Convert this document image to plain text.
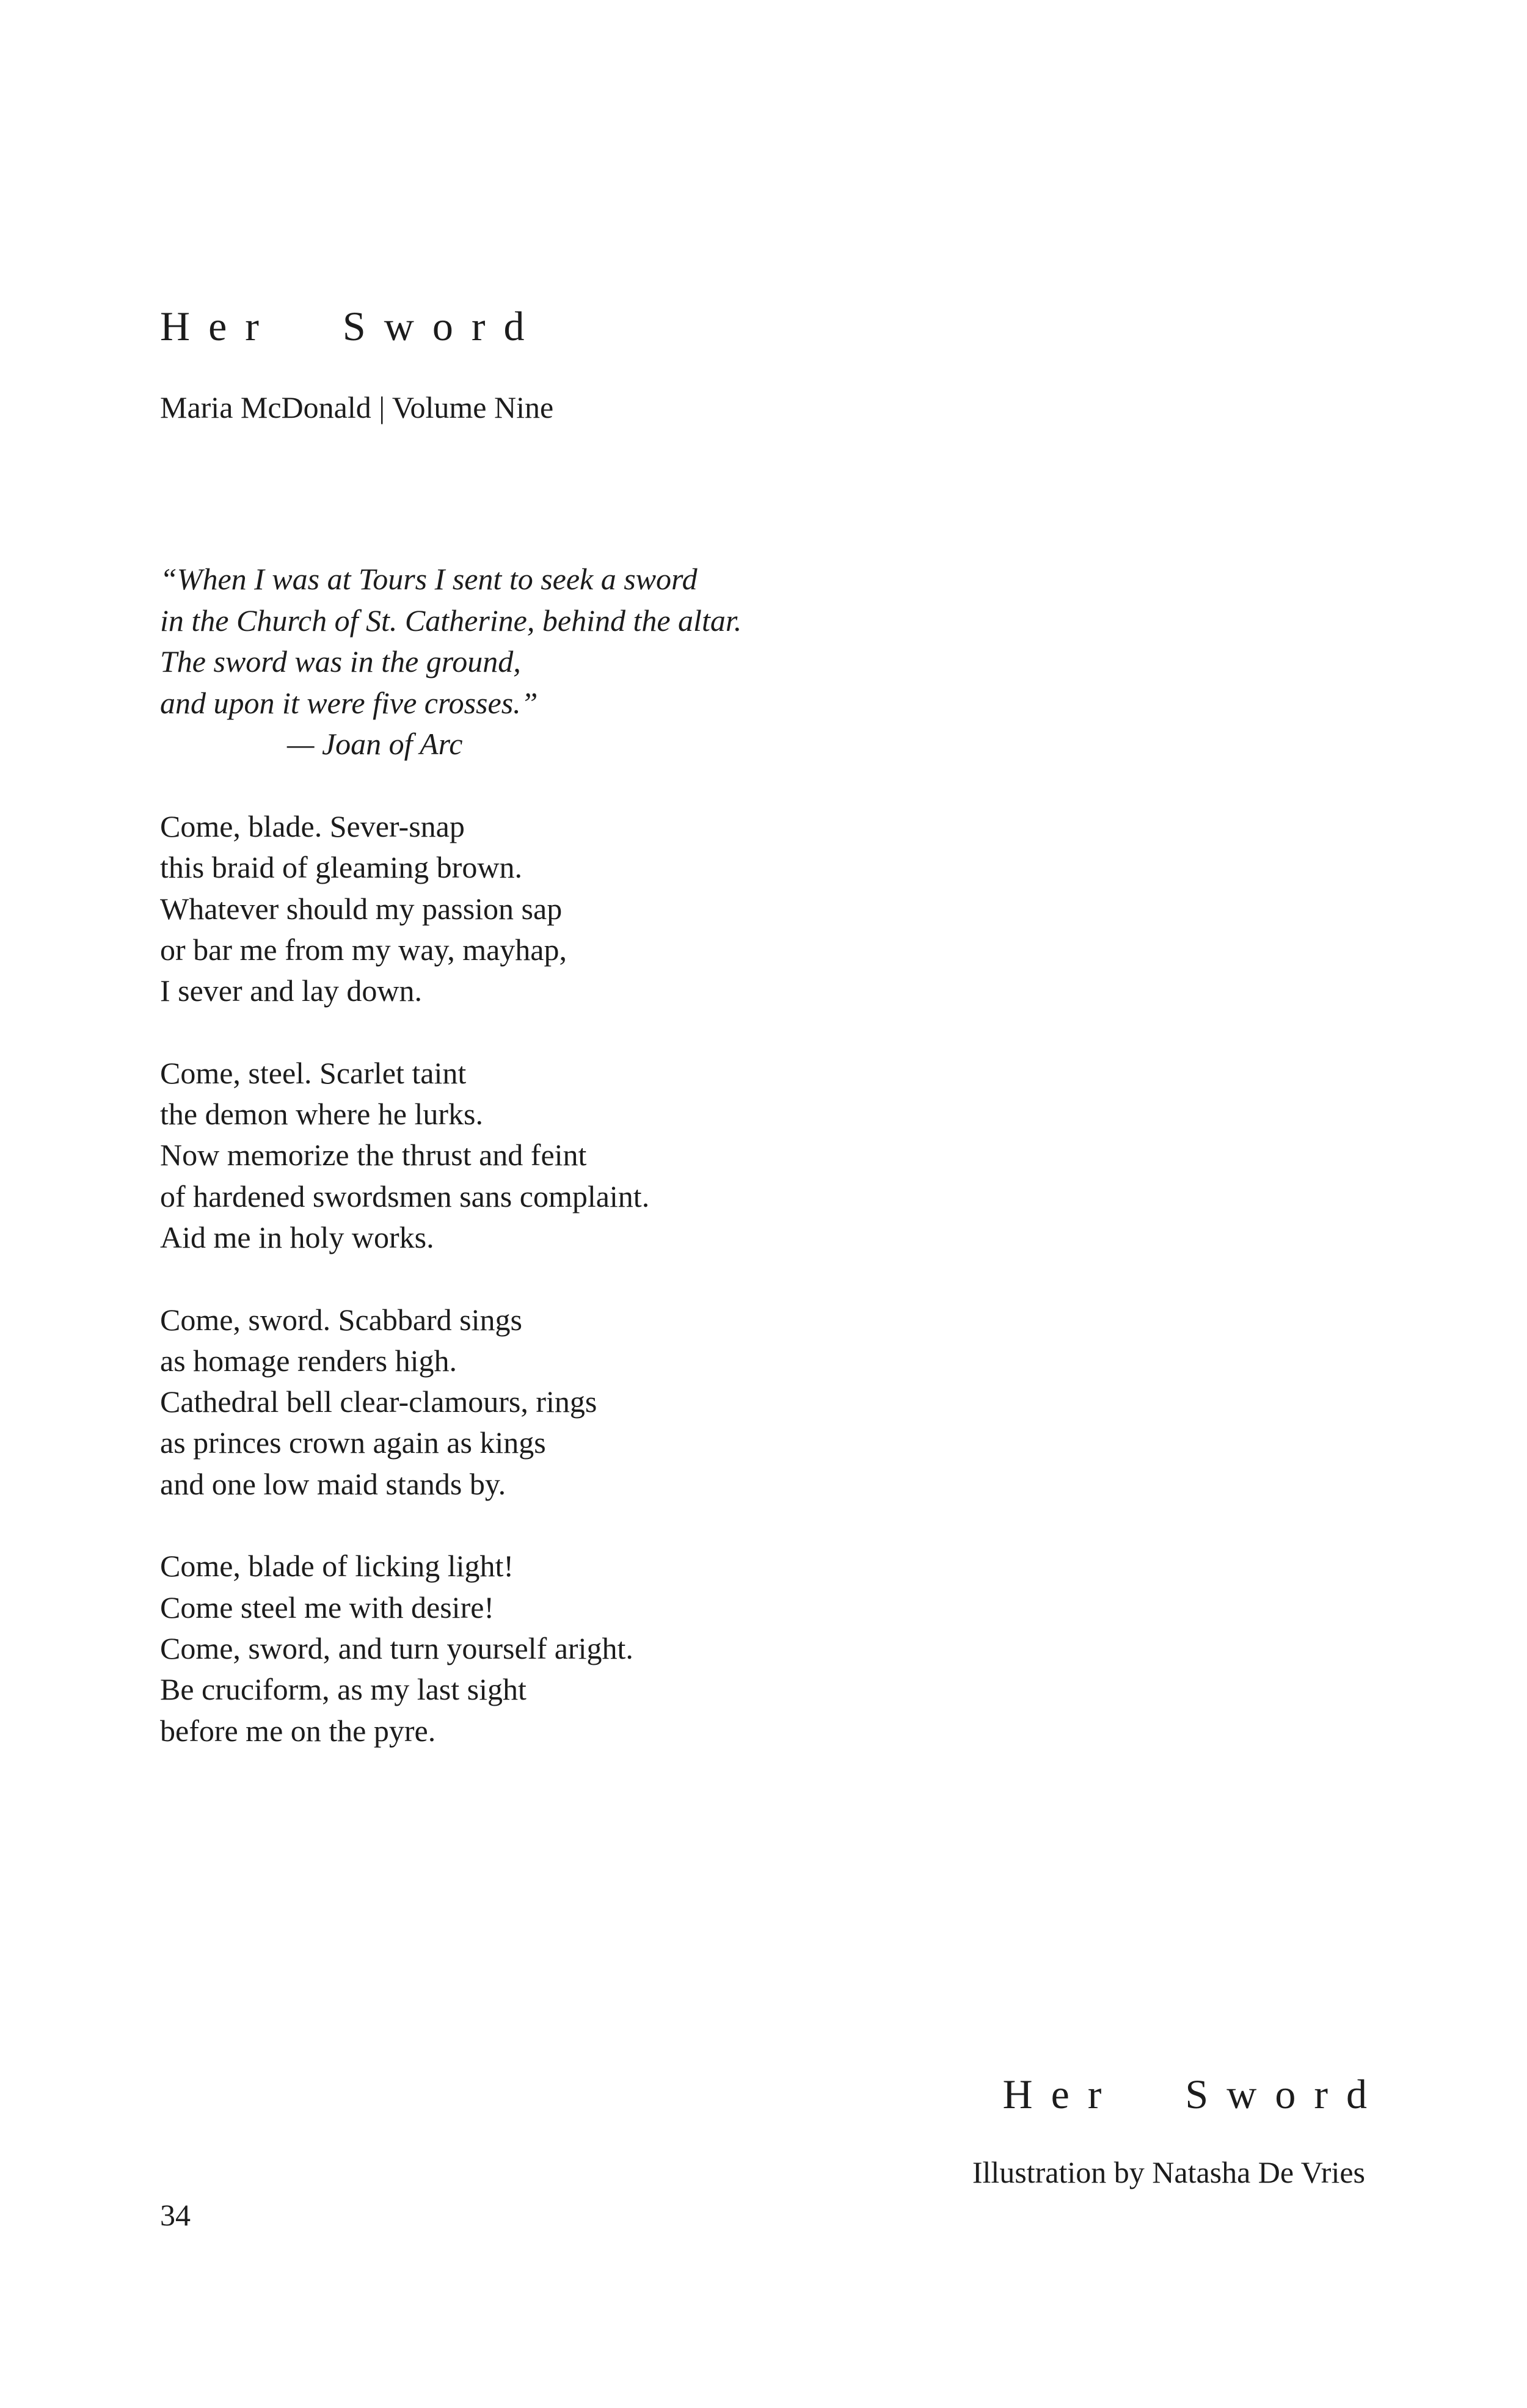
Her Sword
Maria McDonald | Volume Nine
“When I was at Tours I sent to seek a sword
in the Church of St. Catherine, behind the altar.
The sword was in the ground,
and upon it were five crosses.”
— Joan of Arc
Come, blade. Sever-snap
this braid of gleaming brown.
Whatever should my passion sap
or bar me from my way, mayhap,
I sever and lay down.
Come, steel. Scarlet taint
the demon where he lurks.
Now memorize the thrust and feint
of hardened swordsmen sans complaint.
Aid me in holy works.
Come, sword. Scabbard sings
as homage renders high.
Cathedral bell clear-clamours, rings
as princes crown again as kings
and one low maid stands by.
Come, blade of licking light!
Come steel me with desire!
Come, sword, and turn yourself aright.
Be cruciform, as my last sight
before me on the pyre.
Her Sword
Illustration by Natasha De Vries
34
